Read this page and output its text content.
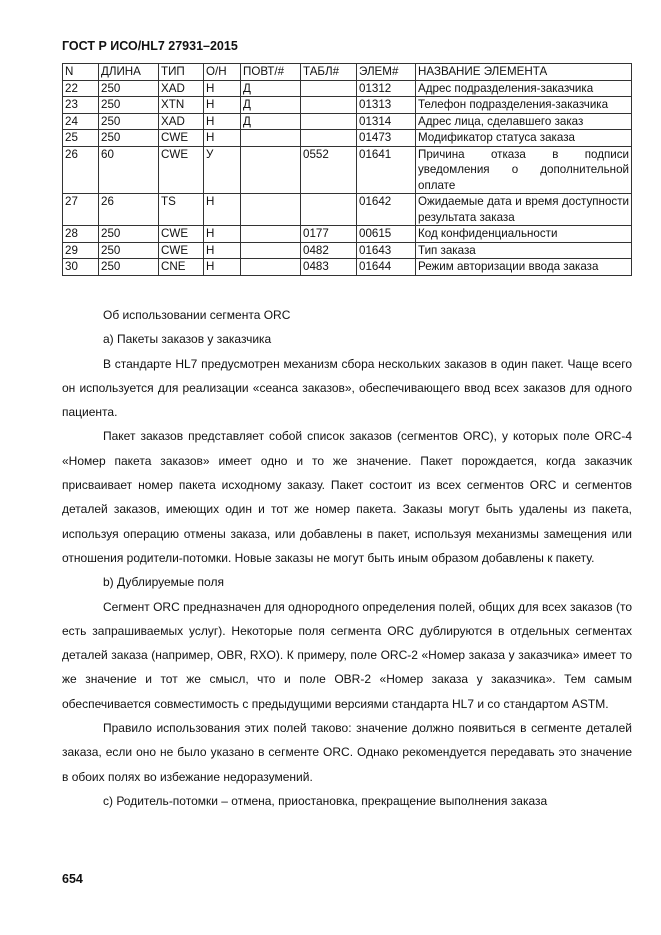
ГОСТ Р ИСО/HL7 27931–2015
N	ДЛИНА	ТИП	О/Н	ПОВТ/#	ТАБЛ#	ЭЛЕМ#	НАЗВАНИЕ ЭЛЕМЕНТА
22	250	XAD	Н	Д		01312	Адрес подразделения-заказчика
23	250	XTN	Н	Д		01313	Телефон подразделения-заказчика
24	250	XAD	Н	Д		01314	Адрес лица, сделавшего заказ
25	250	CWE	Н			01473	Модификатор статуса заказа
26	60	CWE	У		0552	01641	Причина отказа в подписи уведомления о дополнительной оплате
27	26	TS	Н			01642	Ожидаемые дата и время доступности результата заказа
28	250	CWE	Н		0177	00615	Код конфиденциальности
29	250	CWE	Н		0482	01643	Тип заказа
30	250	CNE	Н		0483	01644	Режим авторизации ввода заказа

Об использовании сегмента ORC

a) Пакеты заказов у заказчика

В стандарте HL7 предусмотрен механизм сбора нескольких заказов в один пакет. Чаще всего он используется для реализации «сеанса заказов», обеспечивающего ввод всех заказов для одного пациента.

Пакет заказов представляет собой список заказов (сегментов ORC), у которых поле ORC-4 «Номер пакета заказов» имеет одно и то же значение. Пакет порождается, когда заказчик присваивает номер пакета исходному заказу. Пакет состоит из всех сегментов ORC и сегментов деталей заказов, имеющих один и тот же номер пакета. Заказы могут быть удалены из пакета, используя операцию отмены заказа, или добавлены в пакет, используя механизмы замещения или отношения родители-потомки. Новые заказы не могут быть иным образом добавлены к пакету.

b) Дублируемые поля

Сегмент ORC предназначен для однородного определения полей, общих для всех заказов (то есть запрашиваемых услуг). Некоторые поля сегмента ORC дублируются в отдельных сегментах деталей заказа (например, OBR, RXO). К примеру, поле ORC-2 «Номер заказа у заказчика» имеет то же значение и тот же смысл, что и поле OBR-2 «Номер заказа у заказчика». Тем самым обеспечивается совместимость с предыдущими версиями стандарта HL7 и со стандартом ASTM.

Правило использования этих полей таково: значение должно появиться в сегменте деталей заказа, если оно не было указано в сегменте ORC. Однако рекомендуется передавать это значение в обоих полях во избежание недоразумений.

c) Родитель-потомки – отмена, приостановка, прекращение выполнения заказа

654
